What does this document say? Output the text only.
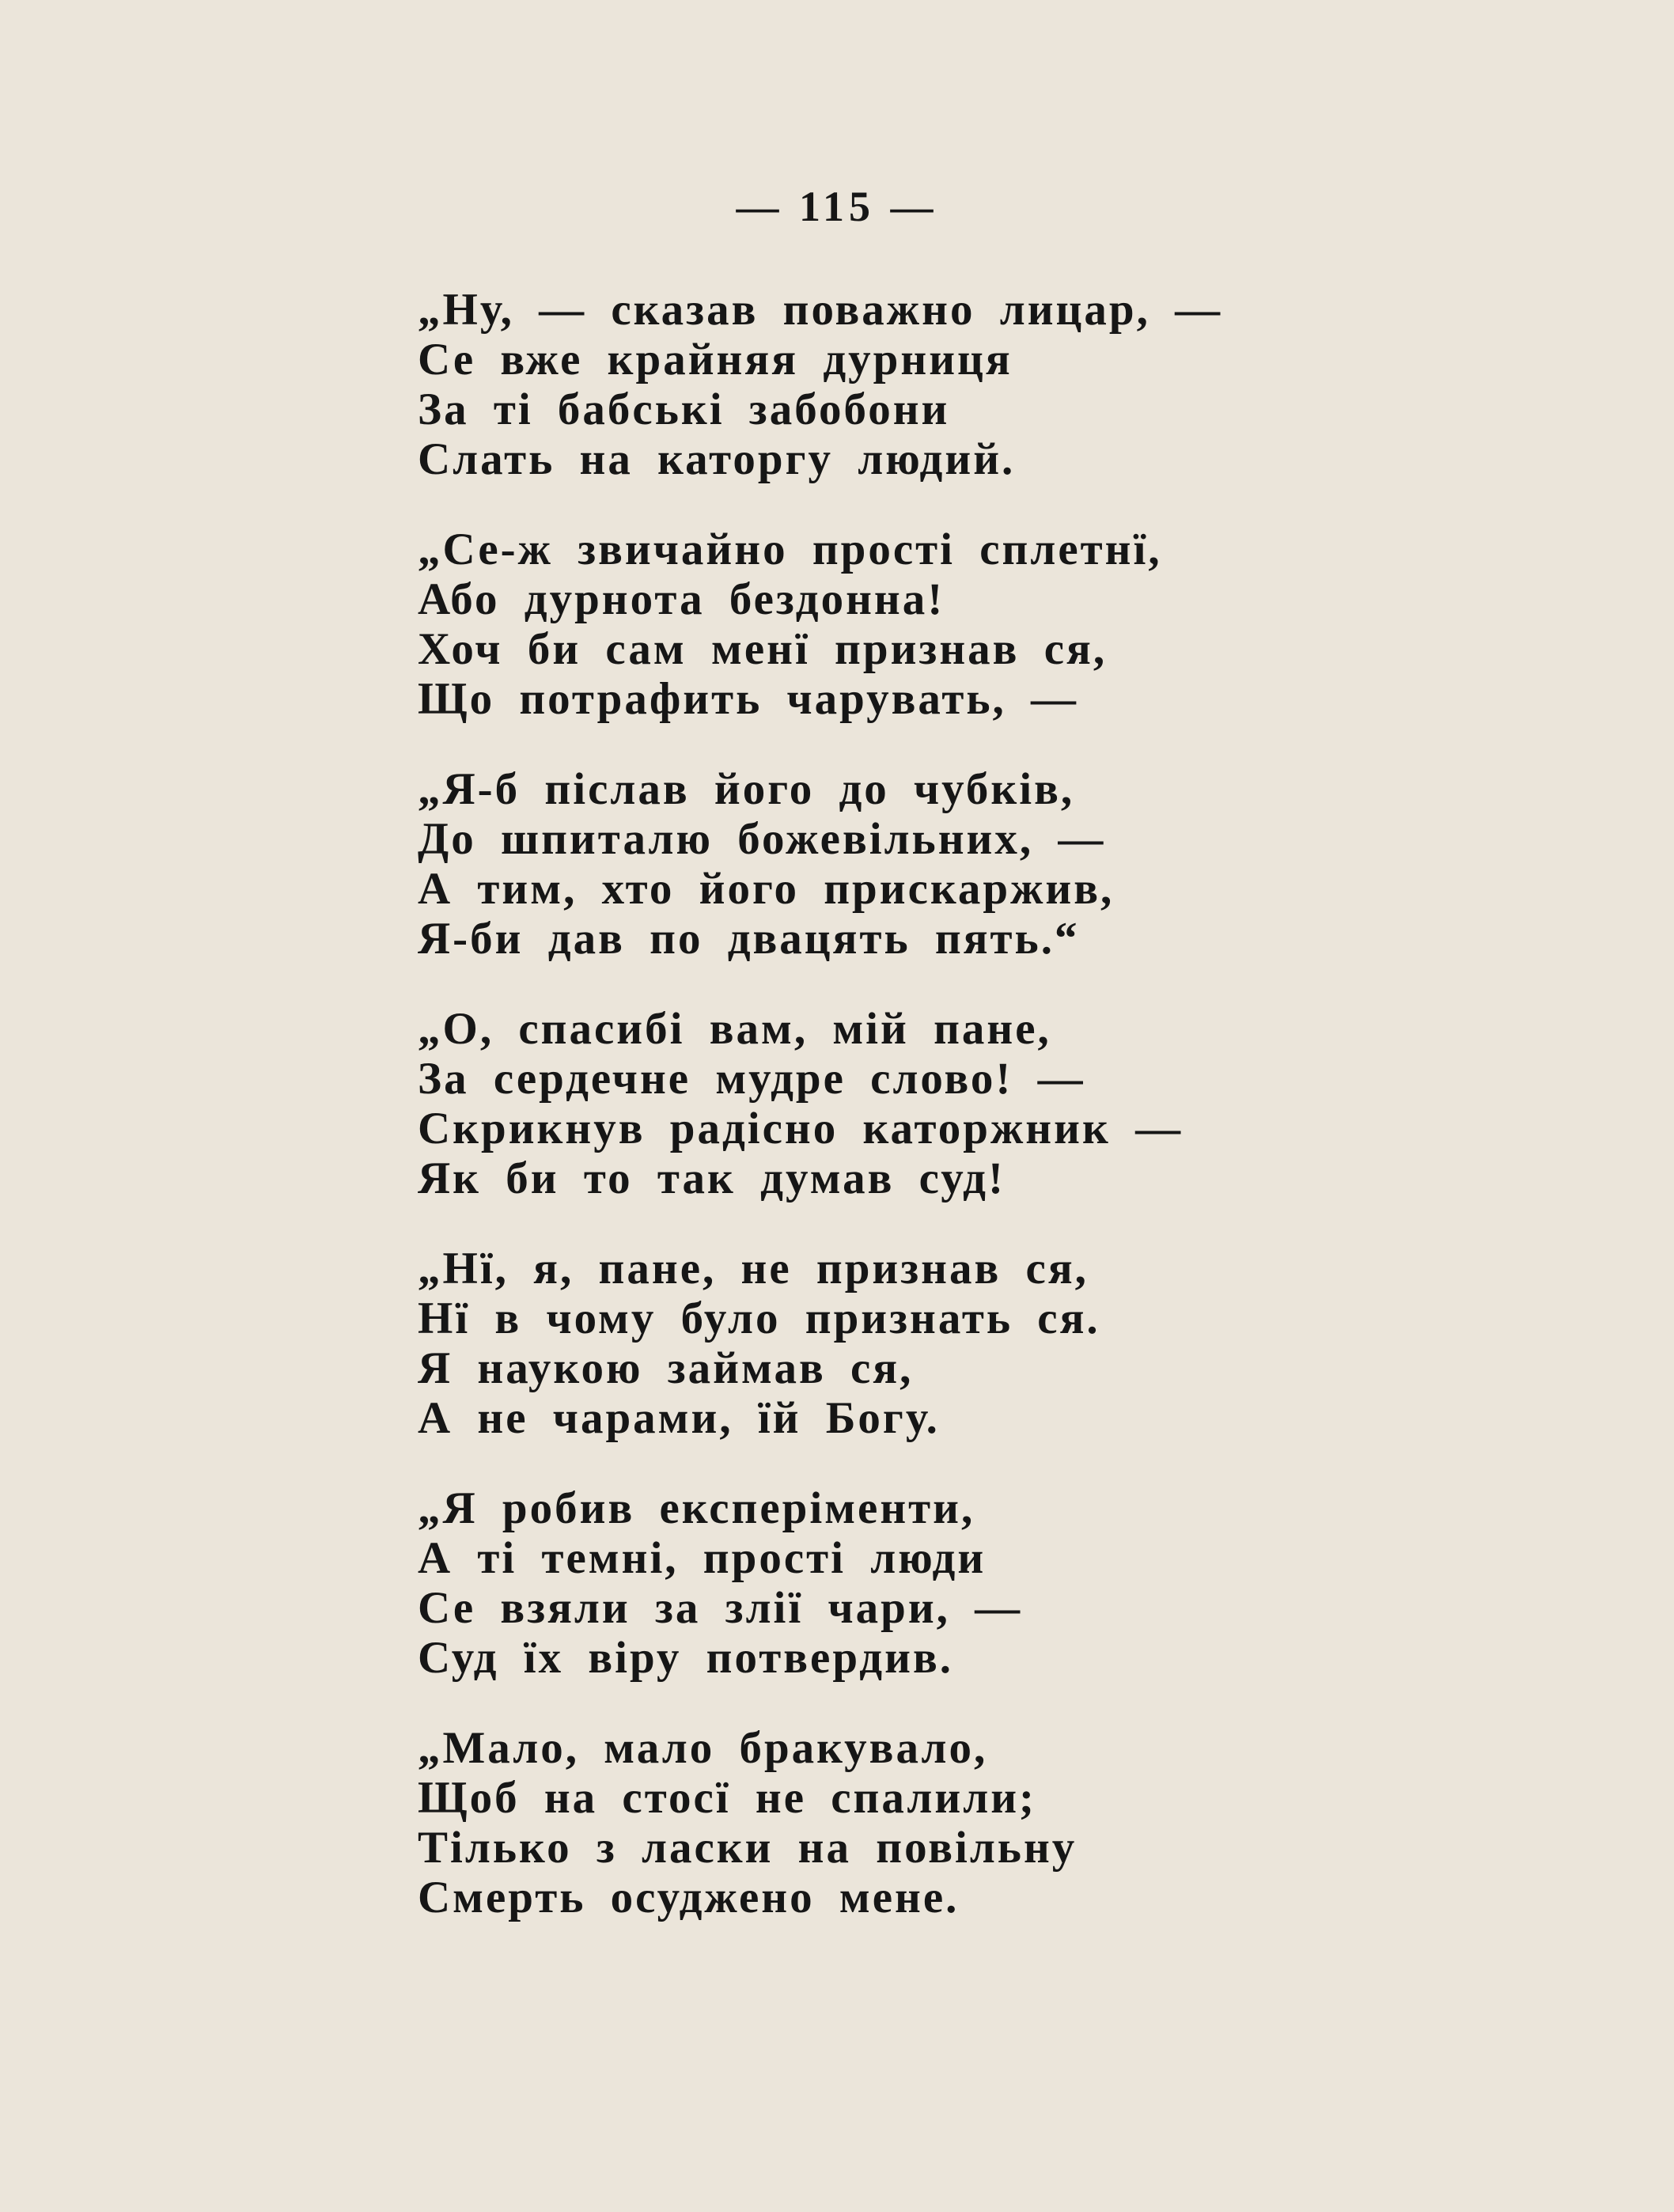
— 115 —
„Ну, — сказав поважно лицар, —
Се вже крайняя дурниця
За ті бабські забобони
Слать на каторгу людий.
„Се-ж звичайно прості сплетнї,
Або дурнота бездонна!
Хоч би сам менї признав ся,
Що потрафить чарувать, —
„Я-б післав його до чубків,
До шпиталю божевільних, —
А тим, хто його прискаржив,
Я-би дав по двацять пять.“
„О, спасибі вам, мій пане,
За сердечне мудре слово! —
Скрикнув радісно каторжник —
Як би то так думав суд!
„Нї, я, пане, не признав ся,
Нї в чому було признать ся.
Я наукою займав ся,
А не чарами, їй Богу.
„Я робив експеріменти,
А ті темні, прості люди
Се взяли за злії чари, —
Суд їх віру потвердив.
„Мало, мало бракувало,
Щоб на стосї не спалили;
Тілько з ласки на повільну
Смерть осуджено мене.
